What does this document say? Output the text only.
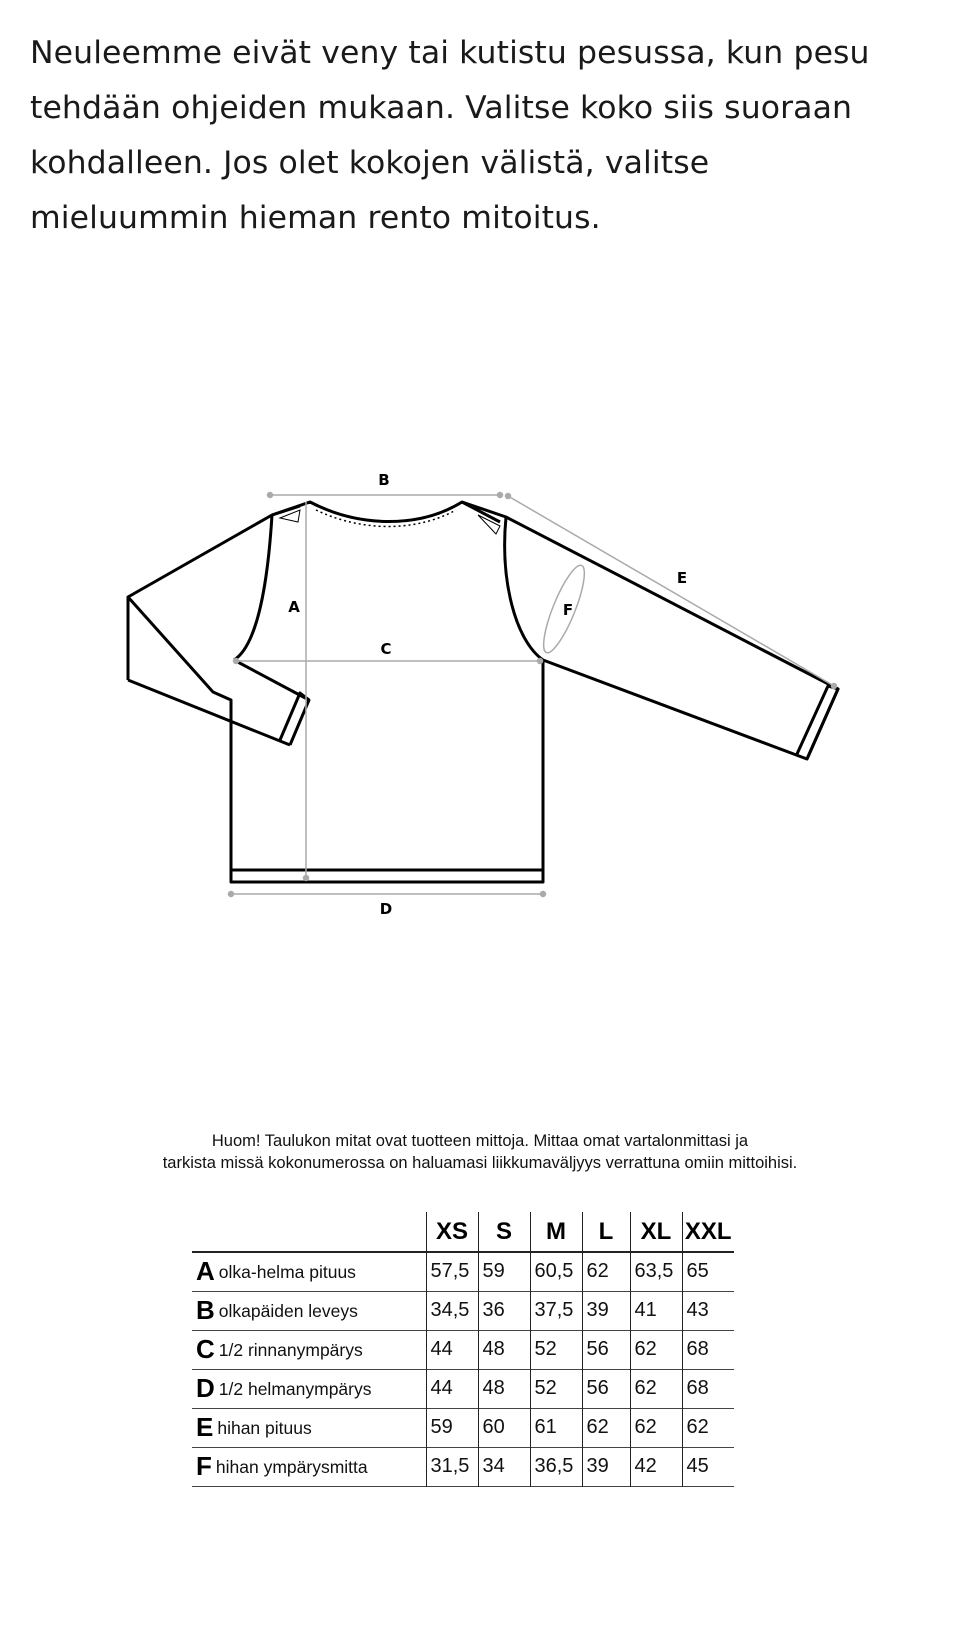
Neuleemme eivät veny tai kutistu pesussa, kun pesu
tehdään ohjeiden mukaan. Valitse koko siis suoraan
kohdalleen. Jos olet kokojen välistä, valitse
mieluummin hieman rento mitoitus.

B
A
C
D
E
F

Huom! Taulukon mitat ovat tuotteen mittoja. Mittaa omat vartalonmittasi ja
tarkista missä kokonumerossa on haluamasi liikkumaväljyys verrattuna omiin mittoihisi.

	XS	S	M	L	XL	XXL
A olka-helma pituus	57,5	59	60,5	62	63,5	65
B olkapäiden leveys	34,5	36	37,5	39	41	43
C 1/2 rinnanympärys	44	48	52	56	62	68
D 1/2 helmanympärys	44	48	52	56	62	68
E hihan pituus	59	60	61	62	62	62
F hihan ympärysmitta	31,5	34	36,5	39	42	45
